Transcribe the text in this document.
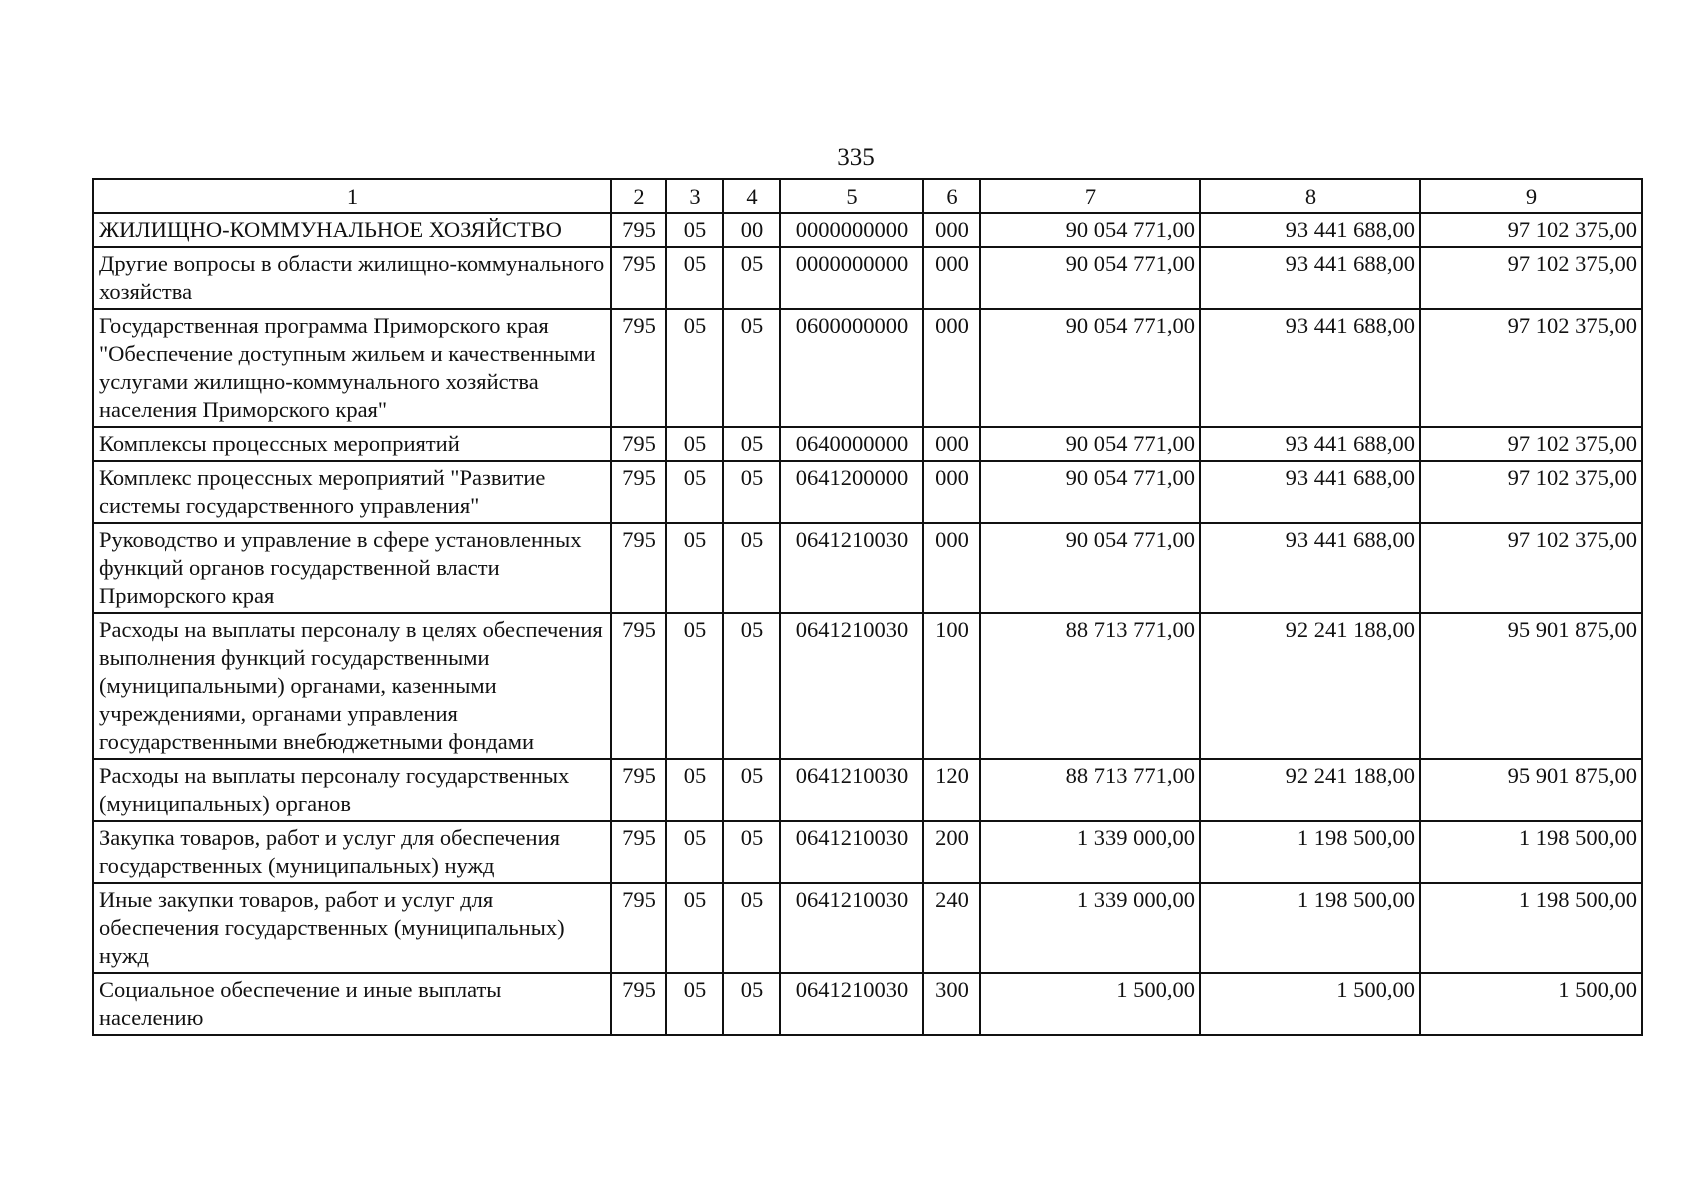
335
1	2	3	4	5	6	7	8	9
ЖИЛИЩНО-КОММУНАЛЬНОЕ ХОЗЯЙСТВО	795	05	00	0000000000	000	90 054 771,00	93 441 688,00	97 102 375,00
Другие вопросы в области жилищно-коммунального хозяйства	795	05	05	0000000000	000	90 054 771,00	93 441 688,00	97 102 375,00
Государственная программа Приморского края "Обеспечение доступным жильем и качественными услугами жилищно-коммунального хозяйства населения Приморского края"	795	05	05	0600000000	000	90 054 771,00	93 441 688,00	97 102 375,00
Комплексы процессных мероприятий	795	05	05	0640000000	000	90 054 771,00	93 441 688,00	97 102 375,00
Комплекс процессных мероприятий "Развитие системы государственного управления"	795	05	05	0641200000	000	90 054 771,00	93 441 688,00	97 102 375,00
Руководство и управление в сфере установленных функций органов государственной власти Приморского края	795	05	05	0641210030	000	90 054 771,00	93 441 688,00	97 102 375,00
Расходы на выплаты персоналу в целях обеспечения выполнения функций государственными (муниципальными) органами, казенными учреждениями, органами управления государственными внебюджетными фондами	795	05	05	0641210030	100	88 713 771,00	92 241 188,00	95 901 875,00
Расходы на выплаты персоналу государственных (муниципальных) органов	795	05	05	0641210030	120	88 713 771,00	92 241 188,00	95 901 875,00
Закупка товаров, работ и услуг для обеспечения государственных (муниципальных) нужд	795	05	05	0641210030	200	1 339 000,00	1 198 500,00	1 198 500,00
Иные закупки товаров, работ и услуг для обеспечения государственных (муниципальных) нужд	795	05	05	0641210030	240	1 339 000,00	1 198 500,00	1 198 500,00
Социальное обеспечение и иные выплаты населению	795	05	05	0641210030	300	1 500,00	1 500,00	1 500,00
